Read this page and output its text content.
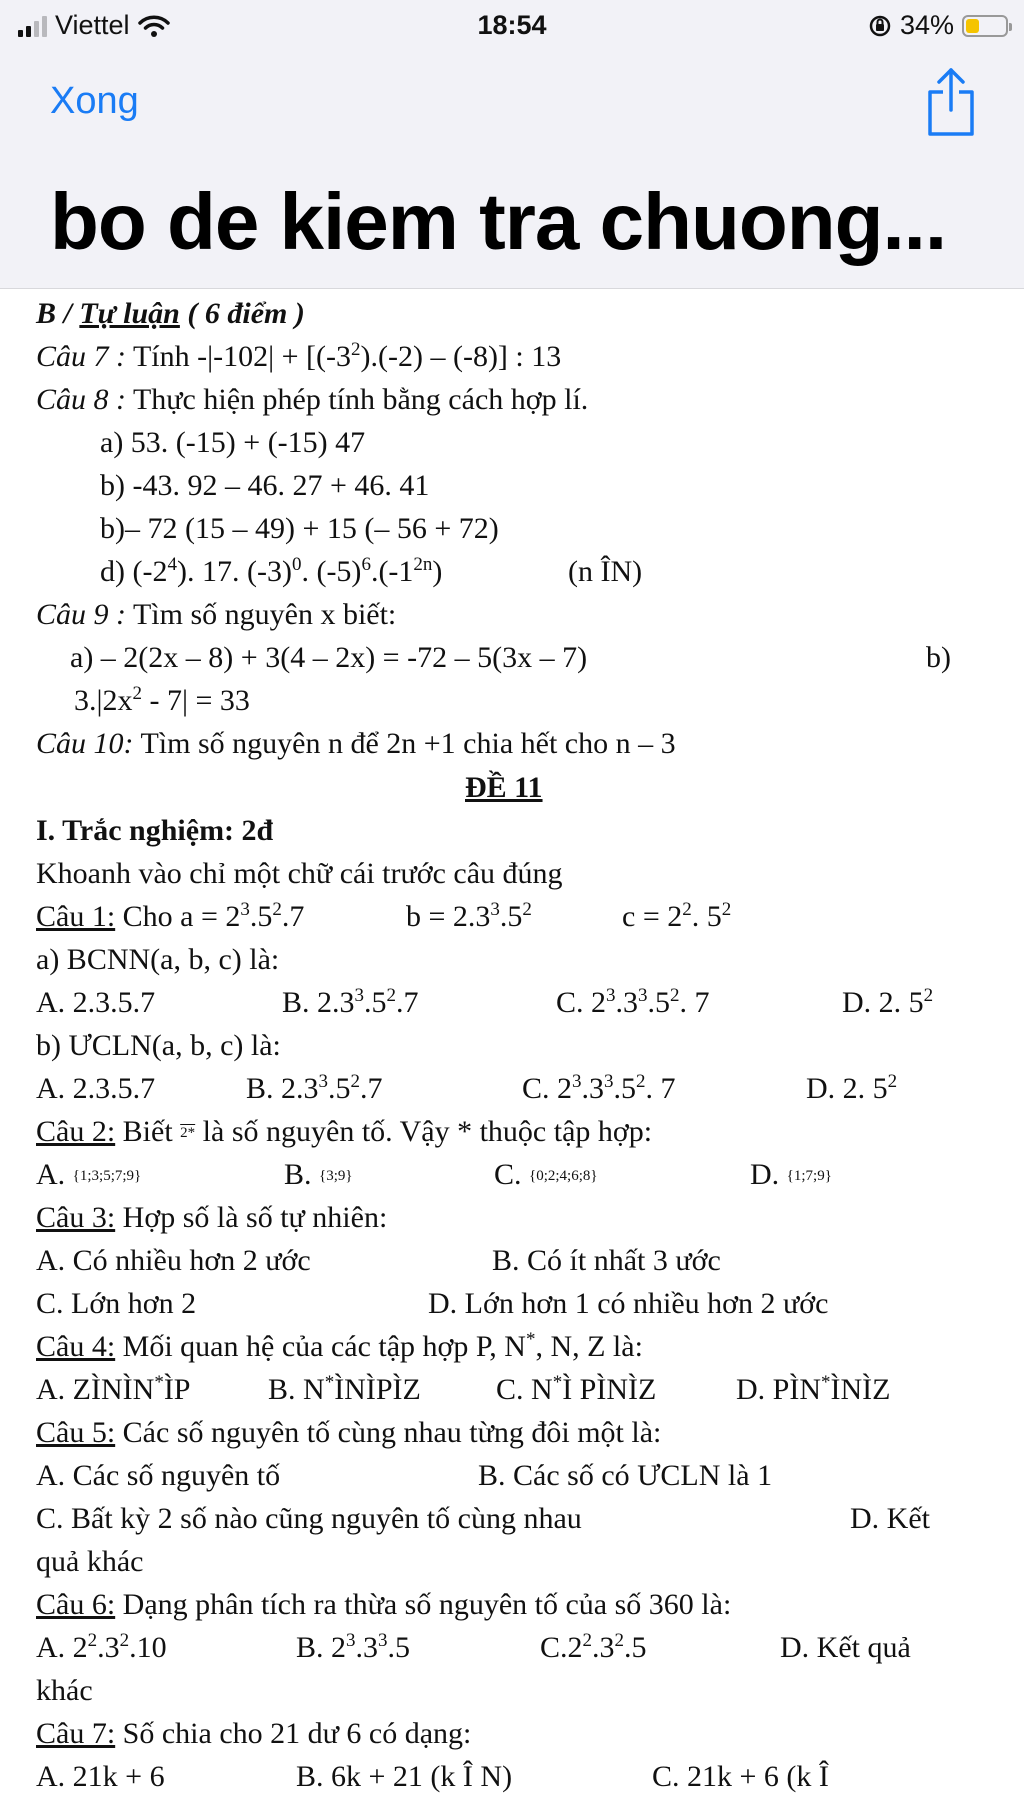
Viettel	18:54	34%
Xong
bo de kiem tra chuong...
B / Tự luận ( 6 điểm )
Câu 7 : Tính $-|-102| + [(-3^2).(-2) - (-8)]$ : 13
Câu 8 : Thực hiện phép tính bằng cách hợp lí.
a) 53. (-15) + (-15) 47
b) -43. 92 – 46. 27 + 46. 41
b)– 72 (15 – 49) + 15 (– 56 + 72)
d) $(-2^4)$. 17. $(-3)^0$. $(-5)^6.(-1^{2n})$	(n ÎN)
Câu 9 : Tìm số nguyên x biết:
a) – 2(2x – 8) + 3(4 – 2x) = -72 – 5(3x – 7)	b)
$3.|2x^2 - 7| = 33$
Câu 10: Tìm số nguyên n để 2n +1 chia hết cho n – 3
ĐỀ 11
I. Trắc nghiệm: 2đ
Khoanh vào chỉ một chữ cái trước câu đúng
Câu 1: Cho $a = 2^3.5^2.7$	$b = 2.3^3.5^2$	$c = 2^2$. $5^2$
a) BCNN(a, b, c) là:
A. 2.3.5.7	B. $2.3^3.5^2.7$	C. $2^3.3^3.5^2$. 7	D. 2. $5^2$
b) ƯCLN(a, b, c) là:
A. 2.3.5.7	B. $2.3^3.5^2.7$	C. $2^3.3^3.5^2$. 7	D. 2. $5^2$
Câu 2: Biết 2* là số nguyên tố. Vậy * thuộc tập hợp:
A. {1;3;5;7;9}	B. {3;9}	C. {0;2;4;6;8}	D. {1;7;9}
Câu 3: Hợp số là số tự nhiên:
A. Có nhiều hơn 2 ước	B. Có ít nhất 3 ước
C. Lớn hơn 2	D. Lớn hơn 1 có nhiều hơn 2 ước
Câu 4: Mối quan hệ của các tập hợp P, N*, N, Z là:
A. ZÌNÌN*ÌP	B. N*ÌNÌPÌZ	C. N*Ì PÌNÌZ	D. PÌN*ÌNÌZ
Câu 5: Các số nguyên tố cùng nhau từng đôi một là:
A. Các số nguyên tố	B. Các số có ƯCLN là 1
C. Bất kỳ 2 số nào cũng nguyên tố cùng nhau	D. Kết
quả khác
Câu 6: Dạng phân tích ra thừa số nguyên tố của số 360 là:
A. $2^2.3^2.10$	B. $2^3.3^3.5$	$C.2^2.3^2.5$	D. Kết quả
khác
Câu 7: Số chia cho 21 dư 6 có dạng:
A. 21k + 6	B. 6k + 21 (k Î N)	C. 21k + 6 (k Î
